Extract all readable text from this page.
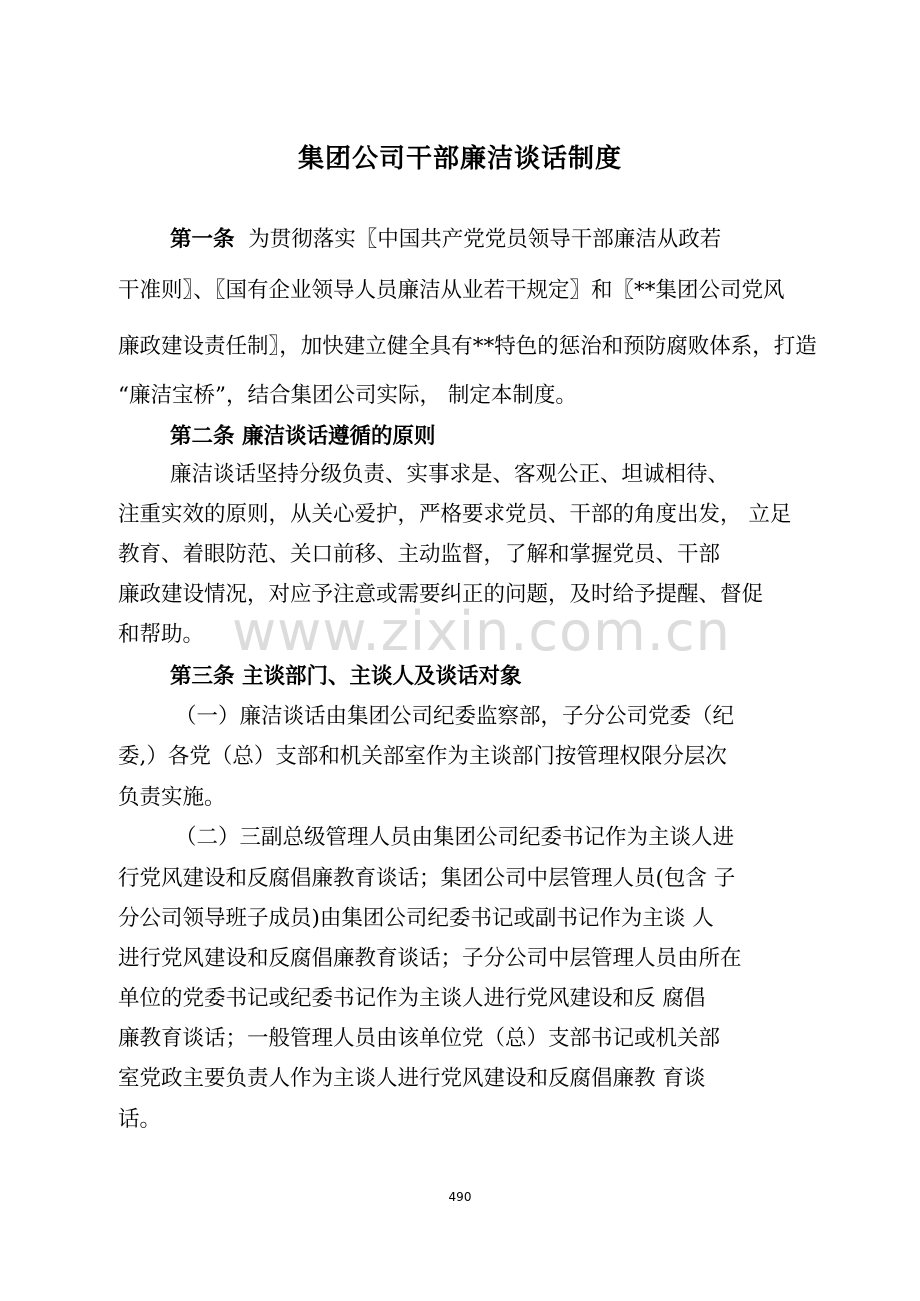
集团公司干部廉洁谈话制度
第一条 为贯彻落实〖中国共产党党员领导干部廉洁从政若
干准则〗、〖国有企业领导人员廉洁从业若干规定〗和〖**集团公司党风
廉政建设责任制〗，加快建立健全具有**特色的惩治和预防腐败体系，打造
“廉洁宝桥”，结合集团公司实际， 制定本制度。
第二条 廉洁谈话遵循的原则
廉洁谈话坚持分级负责、实事求是、客观公正、坦诚相待、
注重实效的原则，从关心爱护，严格要求党员、干部的角度出发， 立足
教育、着眼防范、关口前移、主动监督，了解和掌握党员、干部
廉政建设情况，对应予注意或需要纠正的问题，及时给予提醒、督促
和帮助。
第三条 主谈部门、主谈人及谈话对象
（一）廉洁谈话由集团公司纪委监察部，子分公司党委（纪
委,）各党（总）支部和机关部室作为主谈部门按管理权限分层次
负责实施。
（二）三副总级管理人员由集团公司纪委书记作为主谈人进
行党风建设和反腐倡廉教育谈话；集团公司中层管理人员(包含 子
分公司领导班子成员)由集团公司纪委书记或副书记作为主谈 人
进行党风建设和反腐倡廉教育谈话；子分公司中层管理人员由所在
单位的党委书记或纪委书记作为主谈人进行党风建设和反 腐倡
廉教育谈话；一般管理人员由该单位党（总）支部书记或机关部
室党政主要负责人作为主谈人进行党风建设和反腐倡廉教 育谈
话。
www.zixin.com.cn
490
